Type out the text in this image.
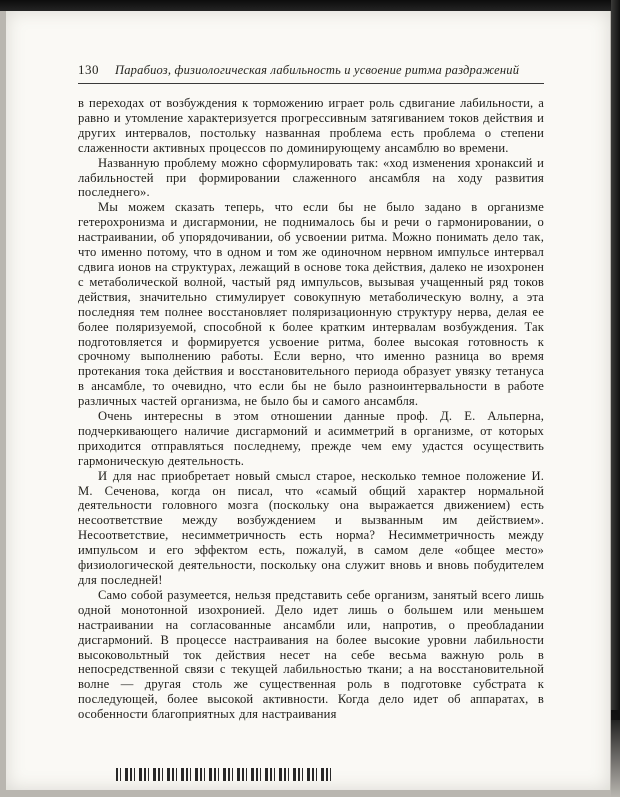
130 Парабиоз, физиологическая лабильность и усвоение ритма раздражений

в переходах от возбуждения к торможению играет роль сдвигание лабильности, а равно и утомление характеризуется прогрессивным затягиванием токов действия и других интервалов, постольку названная проблема есть проблема о степени слаженности активных процессов по доминирующему ансамблю во времени.

Названную проблему можно сформулировать так: «ход изменения хронаксий и лабильностей при формировании слаженного ансамбля на ходу развития последнего».

Мы можем сказать теперь, что если бы не было задано в организме гетерохронизма и дисгармонии, не поднималось бы и речи о гармонировании, о настраивании, об упорядочивании, об усвоении ритма. Можно понимать дело так, что именно потому, что в одном и том же одиночном нервном импульсе интервал сдвига ионов на структурах, лежащий в основе тока действия, далеко не изохронен с метаболической волной, частый ряд импульсов, вызывая учащенный ряд токов действия, значительно стимулирует совокупную метаболическую волну, а эта последняя тем полнее восстановляет поляризационную структуру нерва, делая ее более поляризуемой, способной к более кратким интервалам возбуждения. Так подготовляется и формируется усвоение ритма, более высокая готовность к срочному выполнению работы. Если верно, что именно разница во время протекания тока действия и восстановительного периода образует увязку тетануса в ансамбле, то очевидно, что если бы не было разноинтервальности в работе различных частей организма, не было бы и самого ансамбля.

Очень интересны в этом отношении данные проф. Д. Е. Альперна, подчеркивающего наличие дисгармоний и асимметрий в организме, от которых приходится отправляться последнему, прежде чем ему удастся осуществить гармоническую деятельность.

И для нас приобретает новый смысл старое, несколько темное положение И. М. Сеченова, когда он писал, что «самый общий характер нормальной деятельности головного мозга (поскольку она выражается движением) есть несоответствие между возбуждением и вызванным им действием». Несоответствие, несимметричность есть норма? Несимметричность между импульсом и его эффектом есть, пожалуй, в самом деле «общее место» физиологической деятельности, поскольку она служит вновь и вновь побудителем для последней!

Само собой разумеется, нельзя представить себе организм, занятый всего лишь одной монотонной изохронией. Дело идет лишь о большем или меньшем настраивании на согласованные ансамбли или, напротив, о преобладании дисгармоний. В процессе настраивания на более высокие уровни лабильности высоковольтный ток действия несет на себе весьма важную роль в непосредственной связи с текущей лабильностью ткани; а на восстановительной волне — другая столь же существенная роль в подготовке субстрата к последующей, более высокой активности. Когда дело идет об аппаратах, в особенности благоприятных для настраивания
